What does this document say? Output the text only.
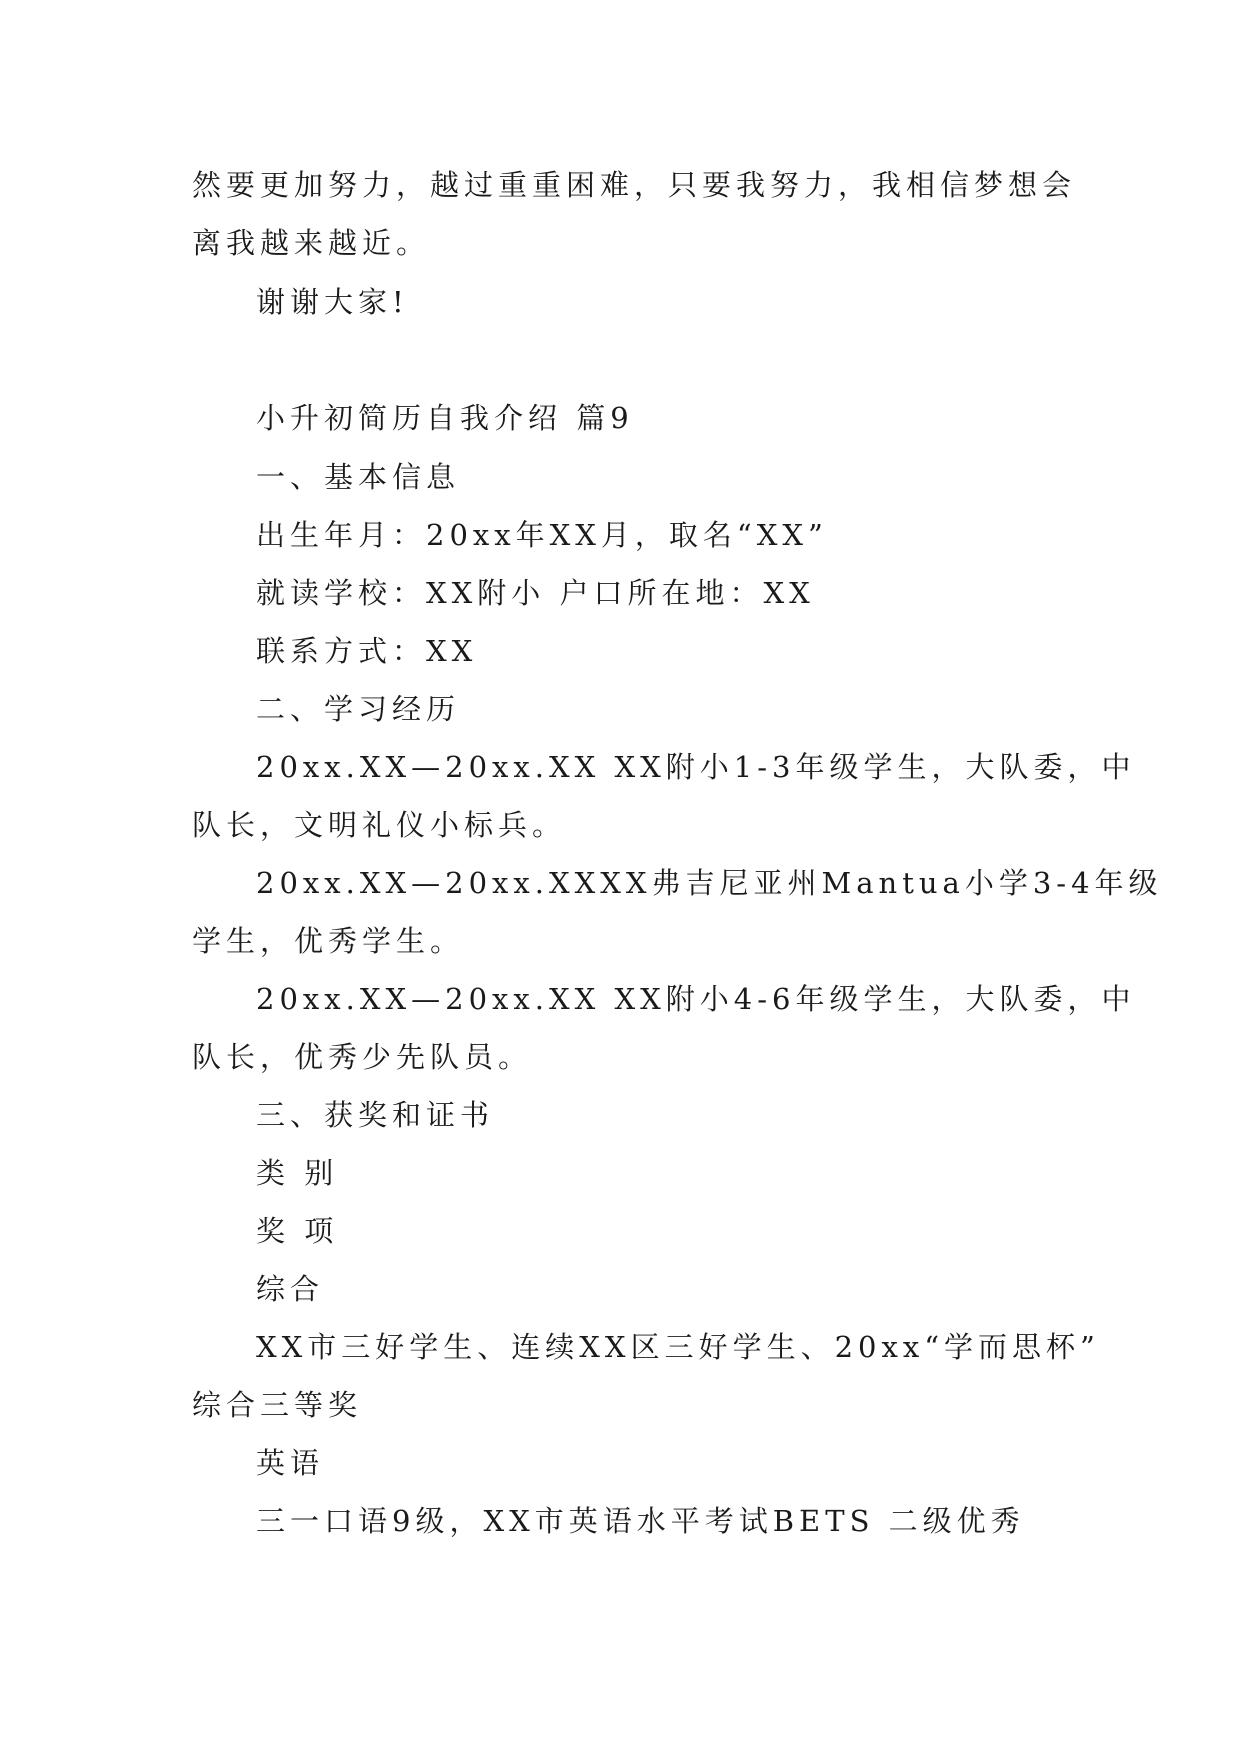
然要更加努力，越过重重困难，只要我努力，我相信梦想会
离我越来越近。
谢谢大家!
小升初简历自我介绍 篇9
一、基本信息
出生年月：20xx年XX月，取名“XX”
就读学校：XX附小 户口所在地：XX
联系方式：XX
二、学习经历
20xx.XX—20xx.XX XX附小1-3年级学生，大队委，中
队长，文明礼仪小标兵。
20xx.XX—20xx.XXXX弗吉尼亚州Mantua小学3-4年级
学生，优秀学生。
20xx.XX—20xx.XX XX附小4-6年级学生，大队委，中
队长，优秀少先队员。
三、获奖和证书
类 别
奖 项
综合
XX市三好学生、连续XX区三好学生、20xx“学而思杯”
综合三等奖
英语
三一口语9级，XX市英语水平考试BETS 二级优秀
